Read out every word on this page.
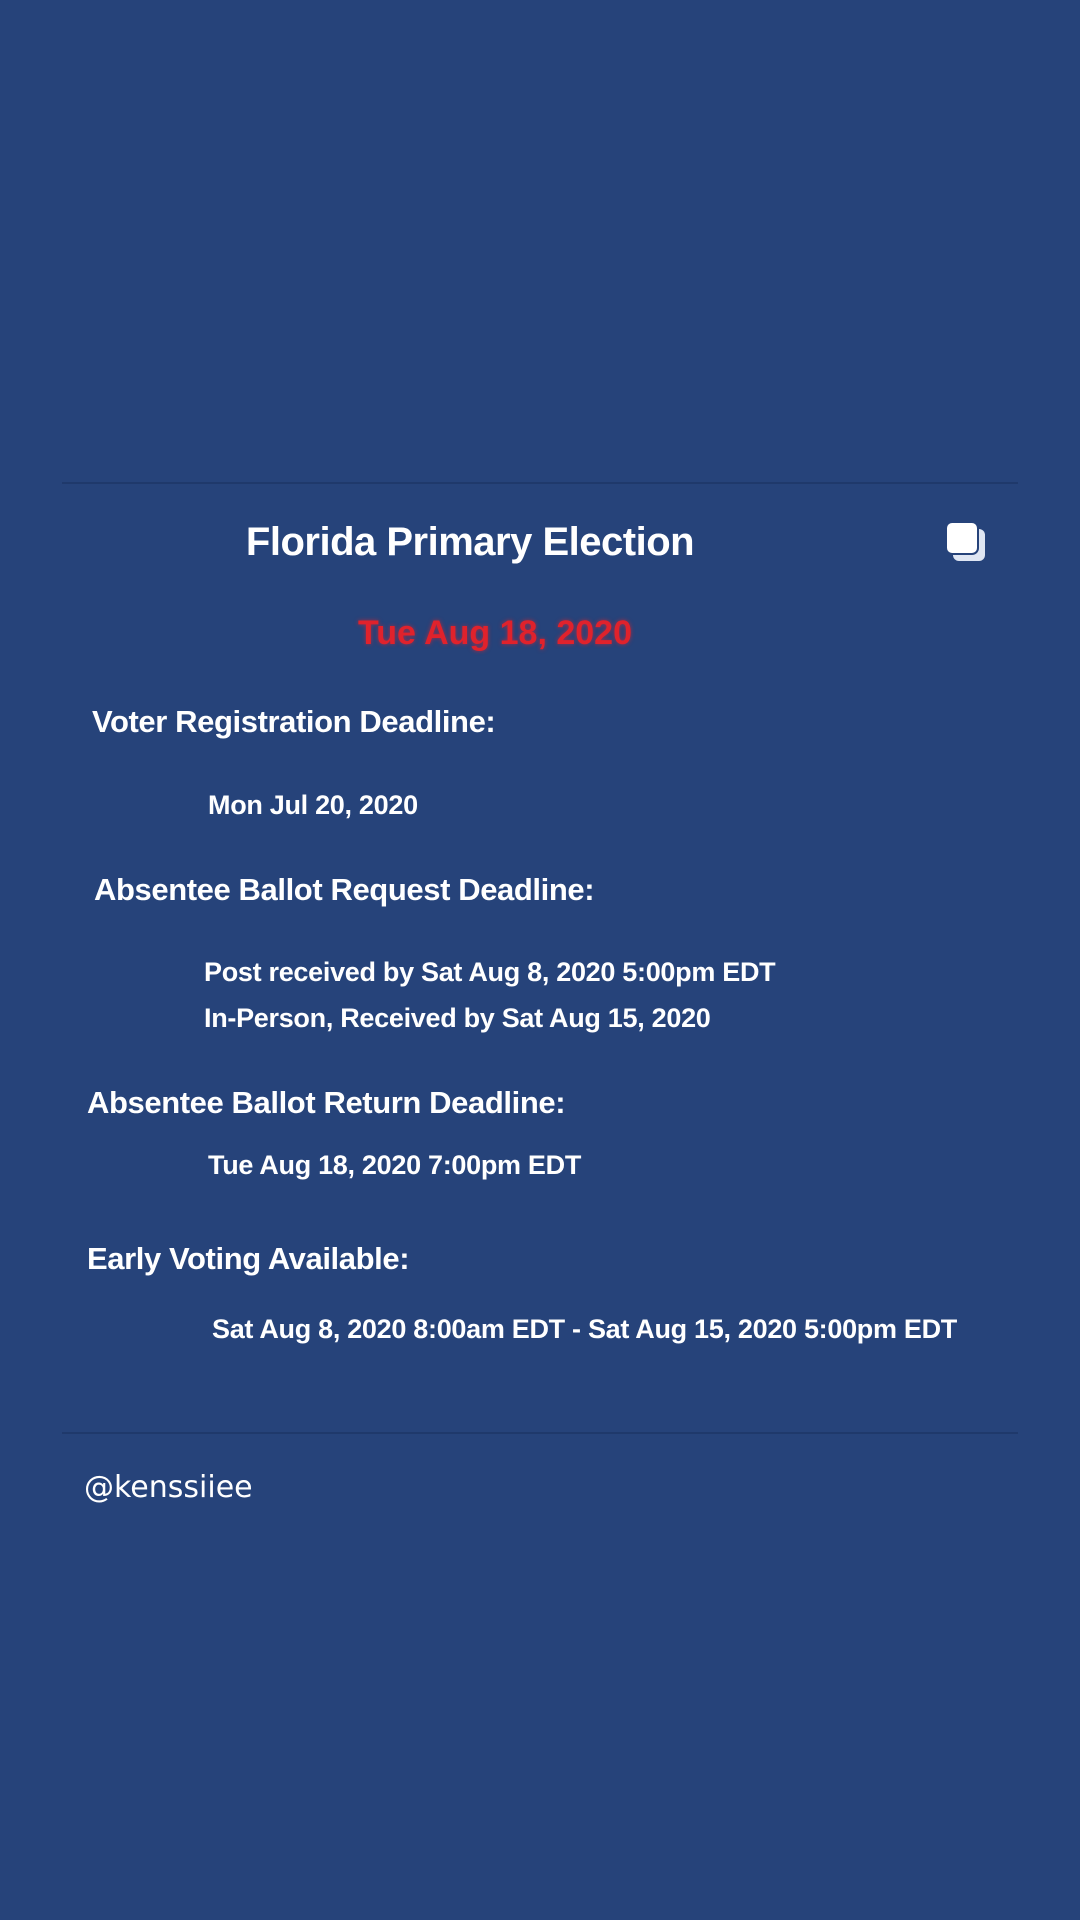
Florida Primary Election
Tue Aug 18, 2020
Voter Registration Deadline:
Mon Jul 20, 2020
Absentee Ballot Request Deadline:
Post received by Sat Aug 8, 2020 5:00pm EDT
In-Person, Received by Sat Aug 15, 2020
Absentee Ballot Return Deadline:
Tue Aug 18, 2020 7:00pm EDT
Early Voting Available:
Sat Aug 8, 2020 8:00am EDT - Sat Aug 15, 2020 5:00pm EDT
@kenssiiee
